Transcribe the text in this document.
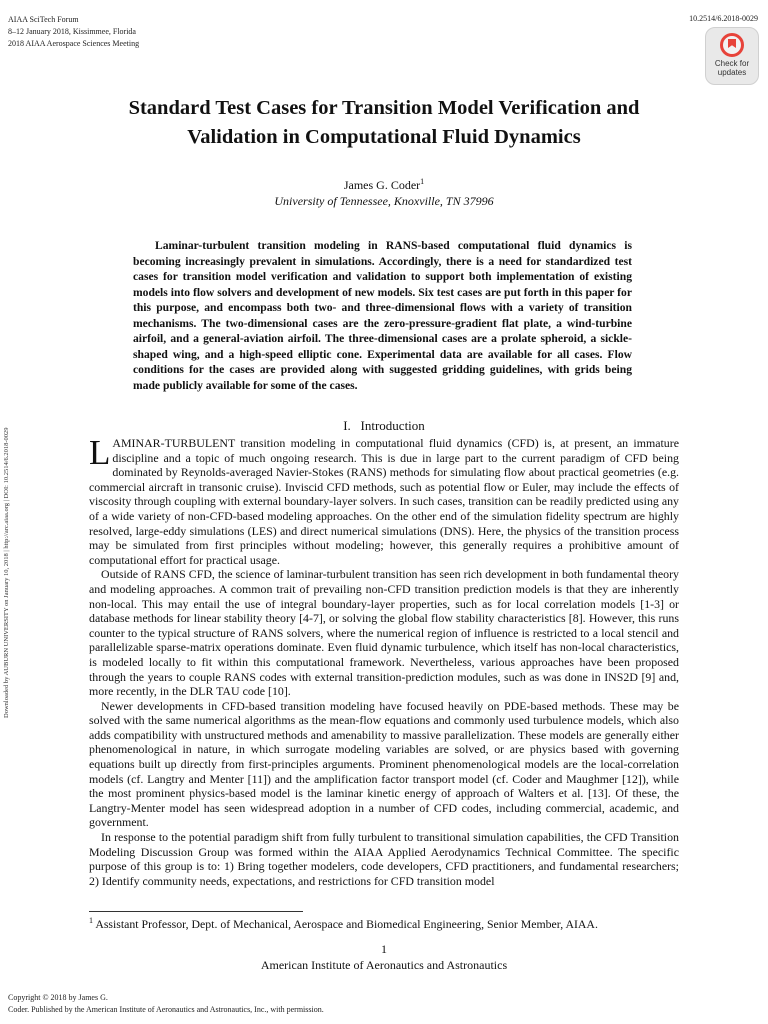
AIAA SciTech Forum
8–12 January 2018, Kissimmee, Florida
2018 AIAA Aerospace Sciences Meeting
10.2514/6.2018-0029
Check for
updates
Downloaded by AUBURN UNIVERSITY on January 10, 2018 | http://arc.aiaa.org | DOI: 10.2514/6.2018-0029
Standard Test Cases for Transition Model Verification and
Validation in Computational Fluid Dynamics
James G. Coder$^1$
University of Tennessee, Knoxville, TN 37996

Laminar-turbulent transition modeling in RANS-based computational fluid dynamics is becoming increasingly prevalent in simulations. Accordingly, there is a need for standardized test cases for transition model verification and validation to support both implementation of existing models into flow solvers and development of new models. Six test cases are put forth in this paper for this purpose, and encompass both two- and three-dimensional flows with a variety of transition mechanisms. The two-dimensional cases are the zero-pressure-gradient flat plate, a wind-turbine airfoil, and a general-aviation airfoil. The three-dimensional cases are a prolate spheroid, a sickle-shaped wing, and a high-speed elliptic cone. Experimental data are available for all cases. Flow conditions for the cases are provided along with suggested gridding guidelines, with grids being made publicly available for some of the cases.

I. Introduction

LAMINAR-TURBULENT transition modeling in computational fluid dynamics (CFD) is, at present, an immature discipline and a topic of much ongoing research. This is due in large part to the current paradigm of CFD being dominated by Reynolds-averaged Navier-Stokes (RANS) methods for simulating flow about practical geometries (e.g. commercial aircraft in transonic cruise). Inviscid CFD methods, such as potential flow or Euler, may include the effects of viscosity through coupling with external boundary-layer solvers. In such cases, transition can be readily predicted using any of a wide variety of non-CFD-based modeling approaches. On the other end of the simulation fidelity spectrum are highly resolved, large-eddy simulations (LES) and direct numerical simulations (DNS). Here, the physics of the transition process may be simulated from first principles without modeling; however, this generally requires a prohibitive amount of computational effort for practical usage.

Outside of RANS CFD, the science of laminar-turbulent transition has seen rich development in both fundamental theory and modeling approaches. A common trait of prevailing non-CFD transition prediction models is that they are inherently non-local. This may entail the use of integral boundary-layer properties, such as for local correlation models [1-3] or database methods for linear stability theory [4-7], or solving the global flow stability characteristics [8]. However, this runs counter to the typical structure of RANS solvers, where the numerical region of influence is restricted to a local stencil and parallelizable sparse-matrix operations dominate. Even fluid dynamic turbulence, which itself has non-local characteristics, is modeled locally to fit within this computational framework. Nevertheless, various approaches have been proposed through the years to couple RANS codes with external transition-prediction modules, such as was done in INS2D [9] and, more recently, in the DLR TAU code [10].

Newer developments in CFD-based transition modeling have focused heavily on PDE-based methods. These may be solved with the same numerical algorithms as the mean-flow equations and commonly used turbulence models, which also adds compatibility with unstructured methods and amenability to massive parallelization. These models are generally either phenomenological in nature, in which surrogate modeling variables are solved, or are physics based with governing equations built up directly from first-principles arguments. Prominent phenomenological models are the local-correlation models (cf. Langtry and Menter [11]) and the amplification factor transport model (cf. Coder and Maughmer [12]), while the most prominent physics-based model is the laminar kinetic energy of approach of Walters et al. [13]. Of these, the Langtry-Menter model has seen widespread adoption in a number of CFD codes, including commercial, academic, and government.

In response to the potential paradigm shift from fully turbulent to transitional simulation capabilities, the CFD Transition Modeling Discussion Group was formed within the AIAA Applied Aerodynamics Technical Committee. The specific purpose of this group is to: 1) Bring together modelers, code developers, CFD practitioners, and fundamental researchers; 2) Identify community needs, expectations, and restrictions for CFD transition model

$^1$ Assistant Professor, Dept. of Mechanical, Aerospace and Biomedical Engineering, Senior Member, AIAA.
1
American Institute of Aeronautics and Astronautics
Copyright © 2018 by James G.
Coder. Published by the American Institute of Aeronautics and Astronautics, Inc., with permission.
